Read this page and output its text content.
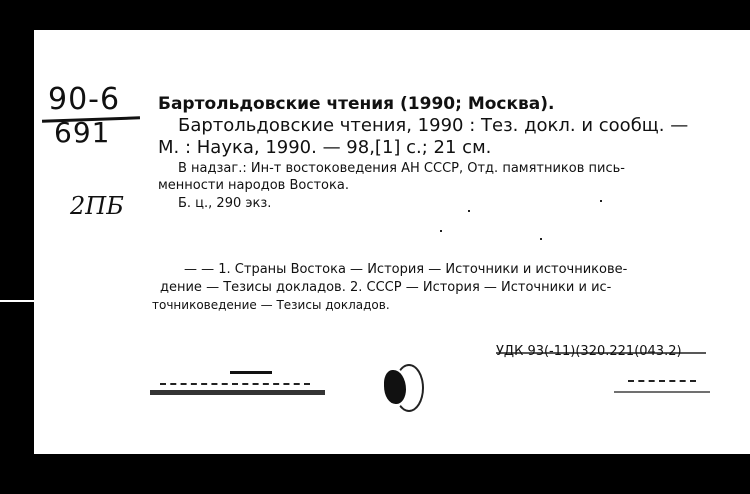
90-6
691
2ПБ
Бартольдовские чтения (1990; Москва).
Бартольдовские чтения, 1990 : Тез. докл. и сообщ. —
М. : Наука, 1990. — 98,[1] с.; 21 см.
В надзаг.: Ин-т востоковедения АН СССР, Отд. памятников пись-
менности народов Востока.
Б. ц., 290 экз.
— — 1. Страны Востока — История — Источники и источникове-
дение — Тезисы докладов. 2. СССР — История — Источники и ис-
точниковедение — Тезисы докладов.
